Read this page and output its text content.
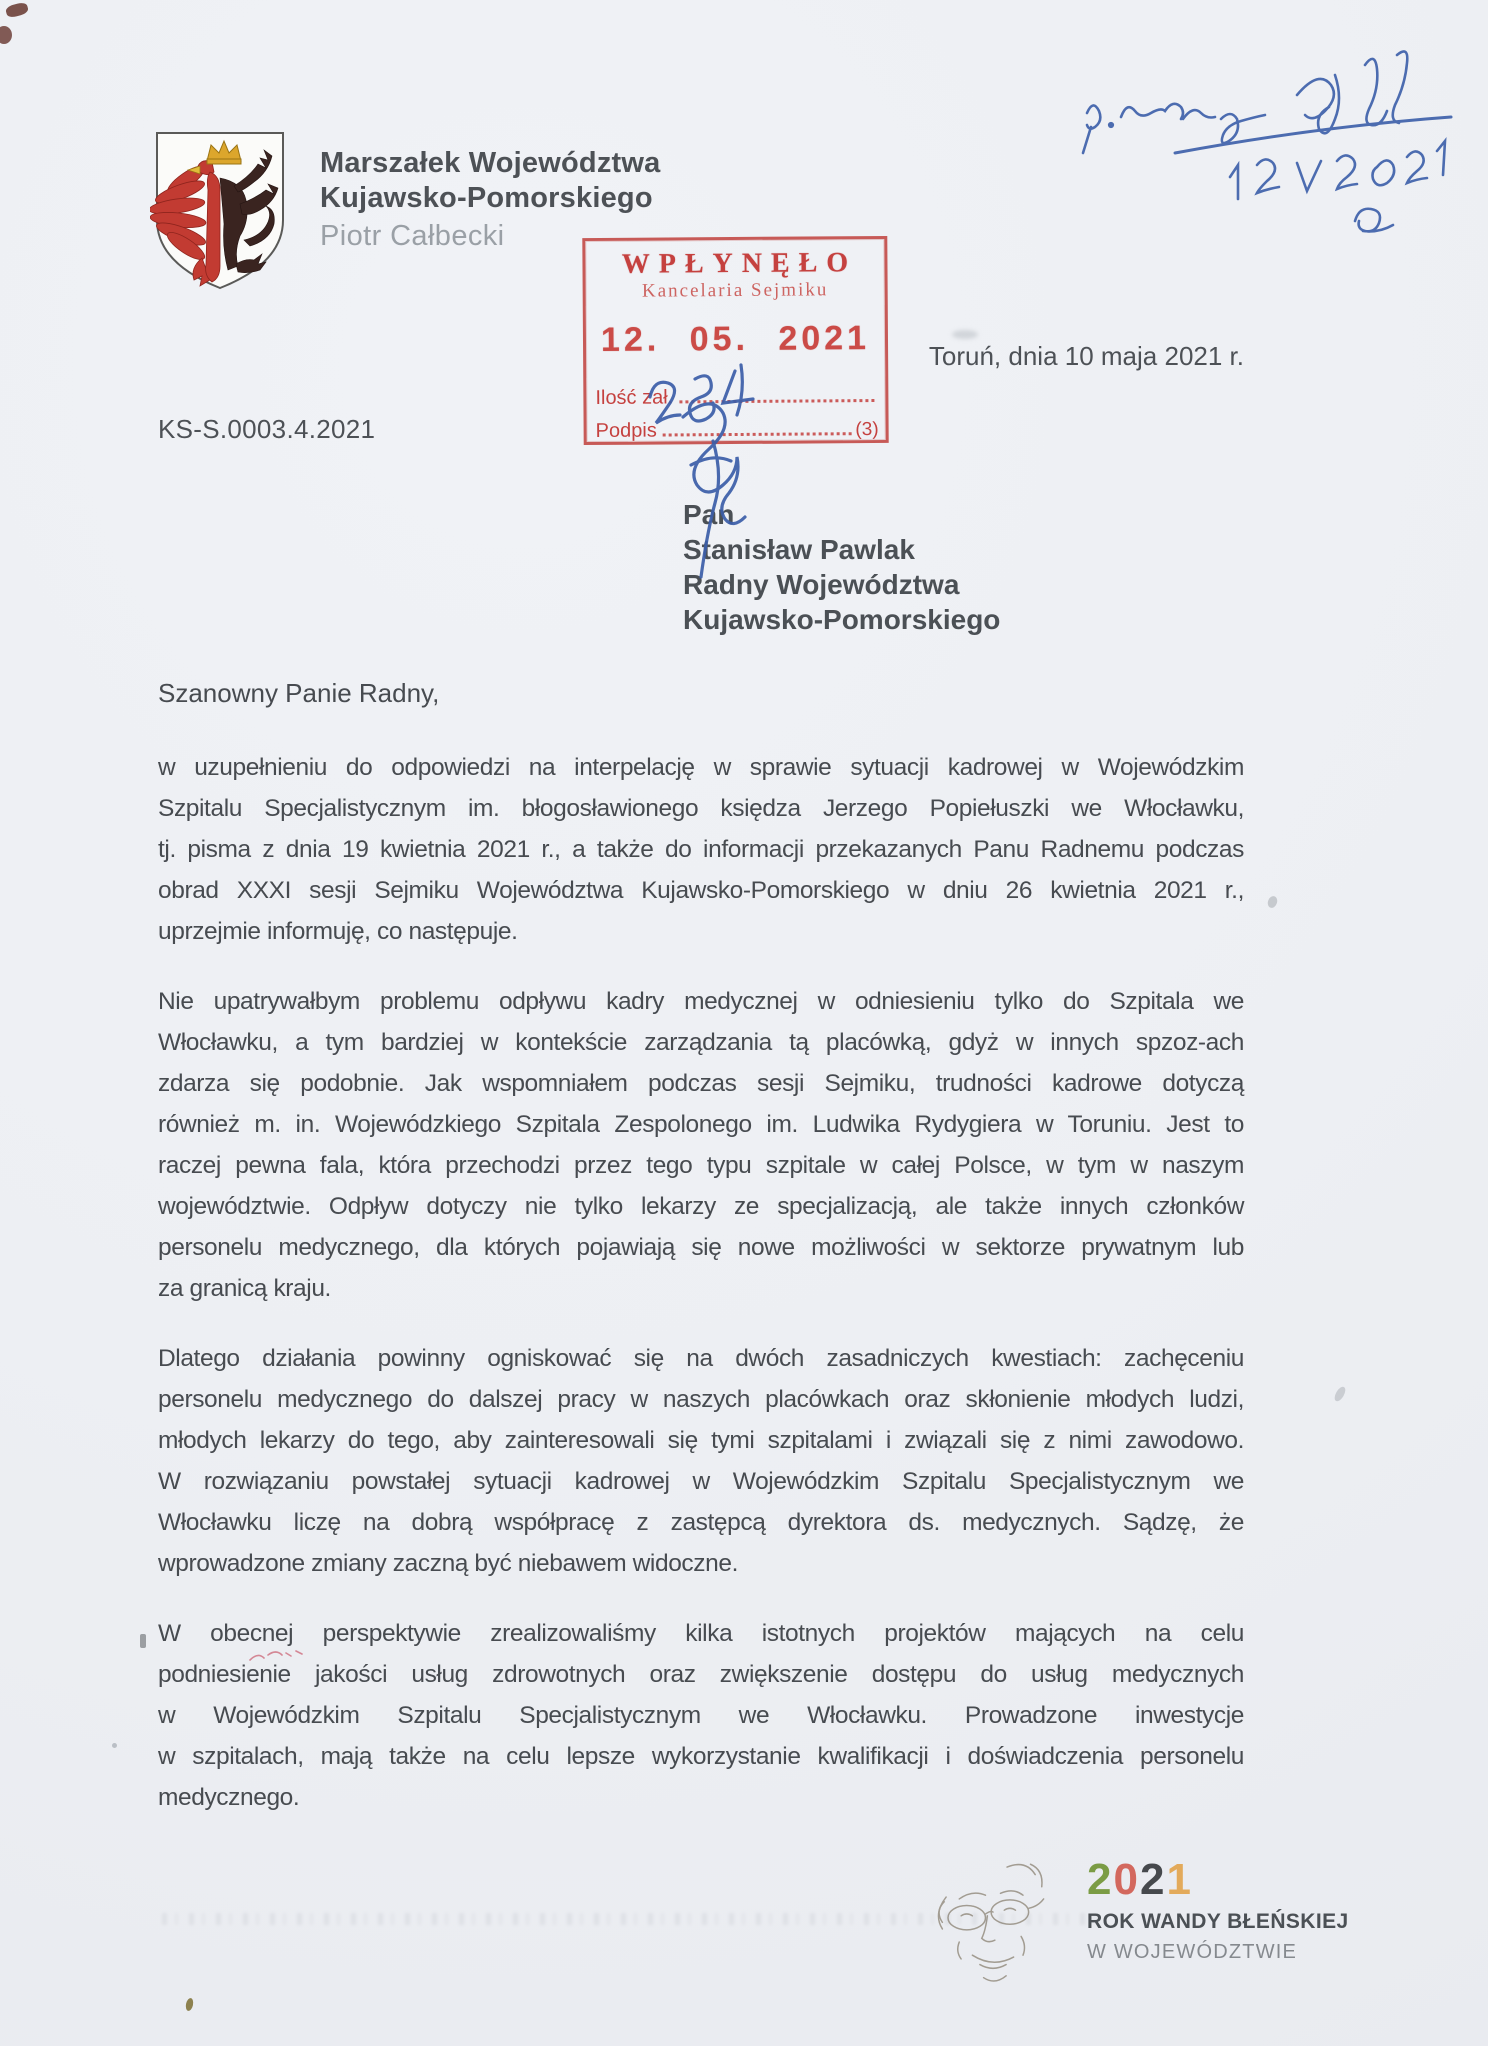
Marszałek Województwa
Kujawsko-Pomorskiego
Piotr Całbecki
WPŁYNĘŁO
Kancelaria Sejmiku
12. 05. 2021
Ilość zał.
Podpis	(3)
Toruń, dnia 10 maja 2021 r.
KS-S.0003.4.2021
Pan
Stanisław Pawlak
Radny Województwa
Kujawsko-Pomorskiego
Szanowny Panie Radny,
w uzupełnieniu do odpowiedzi na interpelację w sprawie sytuacji kadrowej w Wojewódzkim
Szpitalu Specjalistycznym im. błogosławionego księdza Jerzego Popiełuszki we Włocławku,
tj. pisma z dnia 19 kwietnia 2021 r., a także do informacji przekazanych Panu Radnemu podczas
obrad XXXI sesji Sejmiku Województwa Kujawsko-Pomorskiego w dniu 26 kwietnia 2021 r.,
uprzejmie informuję, co następuje.
Nie upatrywałbym problemu odpływu kadry medycznej w odniesieniu tylko do Szpitala we
Włocławku, a tym bardziej w kontekście zarządzania tą placówką, gdyż w innych spzoz-ach
zdarza się podobnie. Jak wspomniałem podczas sesji Sejmiku, trudności kadrowe dotyczą
również m. in. Wojewódzkiego Szpitala Zespolonego im. Ludwika Rydygiera w Toruniu. Jest to
raczej pewna fala, która przechodzi przez tego typu szpitale w całej Polsce, w tym w naszym
województwie. Odpływ dotyczy nie tylko lekarzy ze specjalizacją, ale także innych członków
personelu medycznego, dla których pojawiają się nowe możliwości w sektorze prywatnym lub
za granicą kraju.
Dlatego działania powinny ogniskować się na dwóch zasadniczych kwestiach: zachęceniu
personelu medycznego do dalszej pracy w naszych placówkach oraz skłonienie młodych ludzi,
młodych lekarzy do tego, aby zainteresowali się tymi szpitalami i związali się z nimi zawodowo.
W rozwiązaniu powstałej sytuacji kadrowej w Wojewódzkim Szpitalu Specjalistycznym we
Włocławku liczę na dobrą współpracę z zastępcą dyrektora ds. medycznych. Sądzę, że
wprowadzone zmiany zaczną być niebawem widoczne.
W obecnej perspektywie zrealizowaliśmy kilka istotnych projektów mających na celu
podniesienie jakości usług zdrowotnych oraz zwiększenie dostępu do usług medycznych
w Wojewódzkim Szpitalu Specjalistycznym we Włocławku. Prowadzone inwestycje
w szpitalach, mają także na celu lepsze wykorzystanie kwalifikacji i doświadczenia personelu
medycznego.
2021
ROK WANDY BŁEŃSKIEJ
W WOJEWÓDZTWIE
